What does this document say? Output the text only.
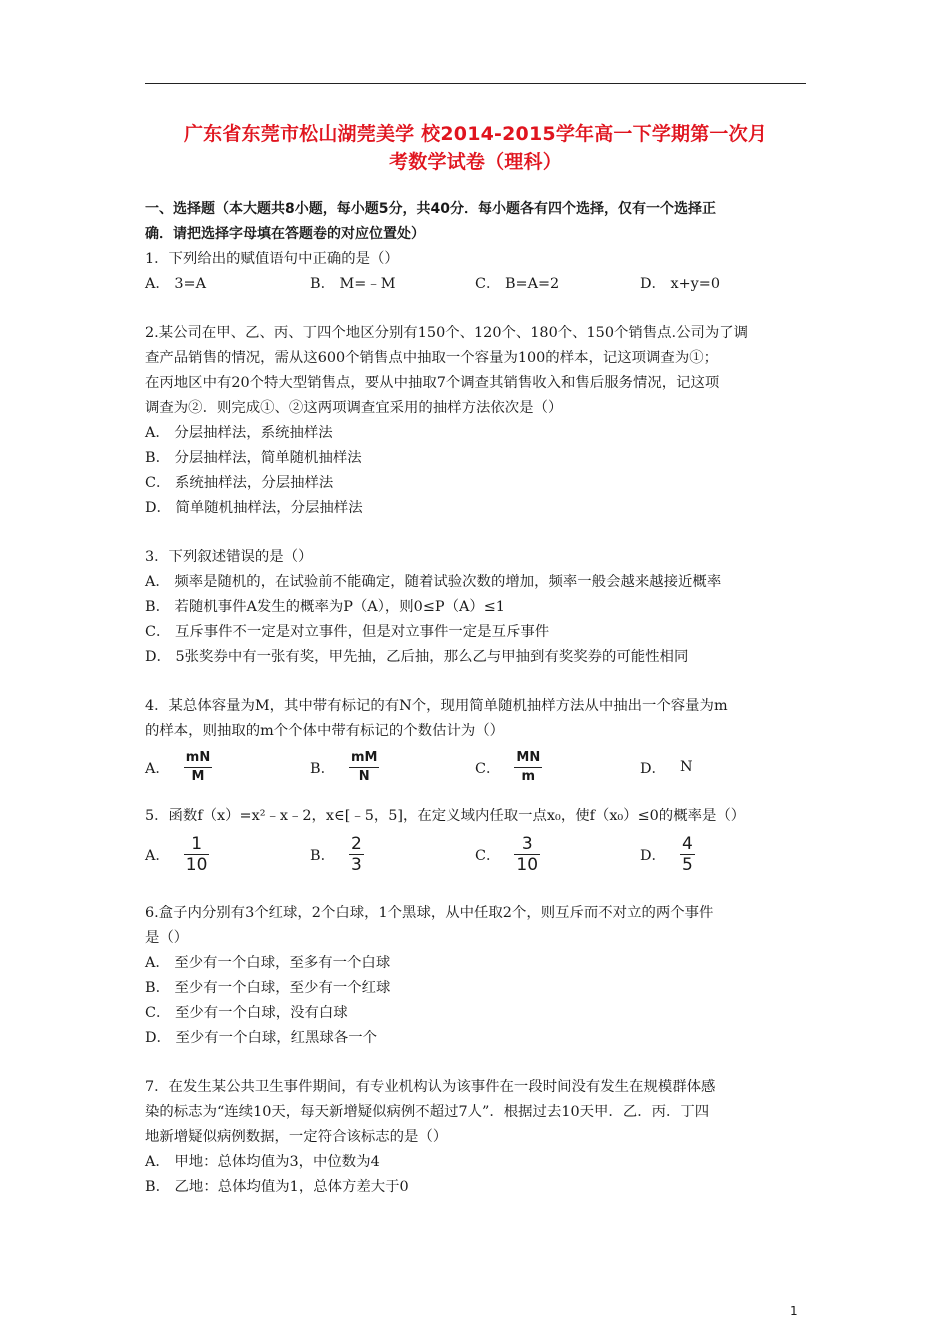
广东省东莞市松山湖莞美学 校2014-2015学年高一下学期第一次月
考数学试卷（理科）
一、选择题（本大题共8小题，每小题5分，共40分．每小题各有四个选择，仅有一个选择正
确．请把选择字母填在答题卷的对应位置处）
1．下列给出的赋值语句中正确的是（）
A． 3=A	B． M=﹣M	C． B=A=2	D． x+y=0
2.某公司在甲、乙、丙、丁四个地区分别有150个、120个、180个、150个销售点.公司为了调
查产品销售的情况，需从这600个销售点中抽取一个容量为100的样本，记这项调查为①；
在丙地区中有20个特大型销售点，要从中抽取7个调查其销售收入和售后服务情况，记这项
调查为②．则完成①、②这两项调查宜采用的抽样方法依次是（）
A． 分层抽样法，系统抽样法
B． 分层抽样法，简单随机抽样法
C． 系统抽样法，分层抽样法
D． 简单随机抽样法，分层抽样法
3．下列叙述错误的是（）
A． 频率是随机的，在试验前不能确定，随着试验次数的增加，频率一般会越来越接近概率
B． 若随机事件A发生的概率为P（A），则0≤P（A）≤1
C． 互斥事件不一定是对立事件，但是对立事件一定是互斥事件
D． 5张奖券中有一张有奖，甲先抽，乙后抽，那么乙与甲抽到有奖奖券的可能性相同
4．某总体容量为M，其中带有标记的有N个，现用简单随机抽样方法从中抽出一个容量为m
的样本，则抽取的m个个体中带有标记的个数估计为（）
A． $\frac{mN}{M}$	B． $\frac{mM}{N}$	C． $\frac{MN}{m}$	D． N
5．函数f（x）=x²﹣x﹣2，x∈[﹣5，5]，在定义域内任取一点x₀，使f（x₀）≤0的概率是（）
A． $\frac{1}{10}$	B． $\frac{2}{3}$	C． $\frac{3}{10}$	D． $\frac{4}{5}$
6.盒子内分别有3个红球，2个白球，1个黑球，从中任取2个，则互斥而不对立的两个事件
是（）
A． 至少有一个白球，至多有一个白球
B． 至少有一个白球，至少有一个红球
C． 至少有一个白球，没有白球
D． 至少有一个白球，红黑球各一个
7．在发生某公共卫生事件期间，有专业机构认为该事件在一段时间没有发生在规模群体感
染的标志为“连续10天，每天新增疑似病例不超过7人”．根据过去10天甲．乙．丙．丁四
地新增疑似病例数据，一定符合该标志的是（）
A． 甲地：总体均值为3，中位数为4
B． 乙地：总体均值为1，总体方差大于0
1
